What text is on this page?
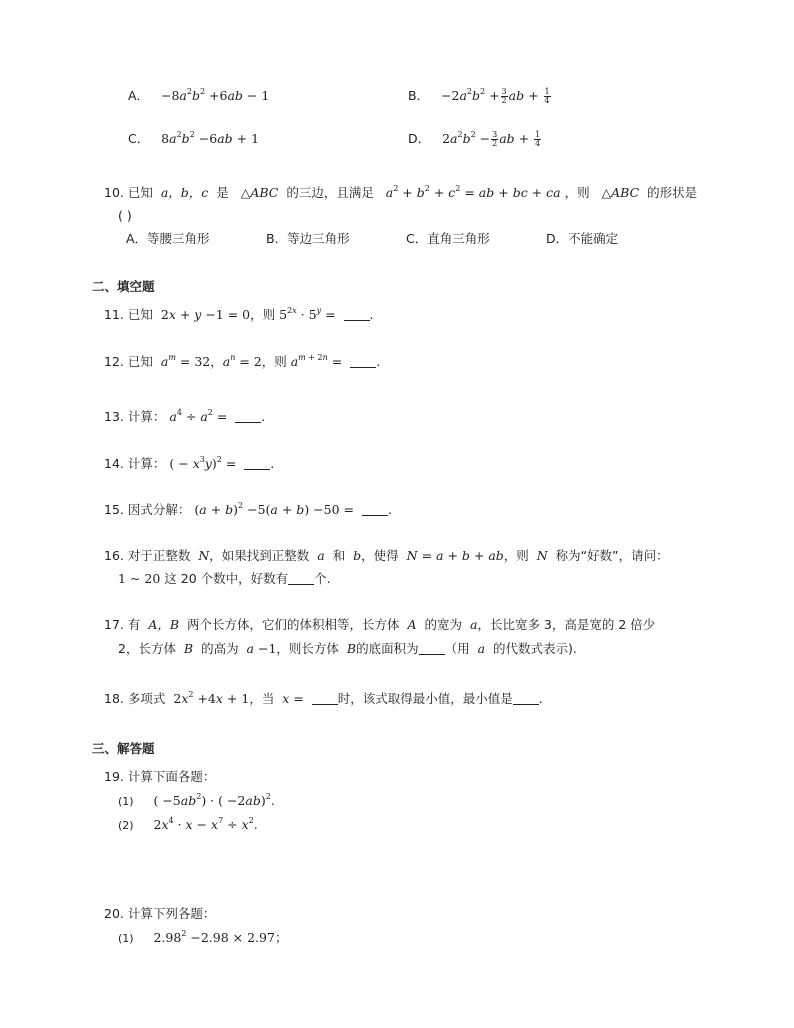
A．   $-8a^2b^2 +6ab - 1$	B．   $-2a^2b^2 + \frac{3}{2}$ ab + $\frac{1}{4}$
C．   $8a^2b^2 -6ab + 1$	D．   $2a^2b^2 - \frac{3}{2}$ ab + $\frac{1}{4}$
10. 已知  a，b，c  是   △ABC 的三边，且满足 $a^2 + b^2 + c^2$ = ab + bc + ca ，则   △ABC 的形状是
( )
A．等腰三角形	B．等边三角形	C．直角三角形	D．不能确定
二、填空题
11. 已知  2x + y −1 = 0，则 $5^{2x} \cdot 5^y$ =  .
12. 已知 $a^m = 32$，$a^n = 2$，则 $a^{m + 2n}$ =  .
13. 计算： $a^4 \div a^2$ =  .
14. 计算： ( − $x^3y)^2$ =  .
15. 因式分解： $(a + b)^2 -5(a + b) -50$ =  .
16. 对于正整数  N，如果找到正整数  a  和  b，使得 N = a + b + ab，则  N  称为“好数”，请问：
1 ~ 20 这 20 个数中，好数有 个.
17. 有  A，B  两个长方体，它们的体积相等，长方体  A  的宽为  a，长比宽多 3，高是宽的 2 倍少
2，长方体  B  的高为 a −1，则长方体  B的底面积为 （用  a  的代数式表示).
18. 多项式  $2x^2 +4x + 1$，当 x =  时，该式取得最小值，最小值是 .
三、解答题
19. 计算下面各题：
(1)     ( $-5ab^2$) · ( −2ab)$^2$.
(2)     $2x^4 \cdot x - x^7 \div x^2$.
20. 计算下列各题：
(1)     $2.98^2 -2.98 \times 2.97$；
